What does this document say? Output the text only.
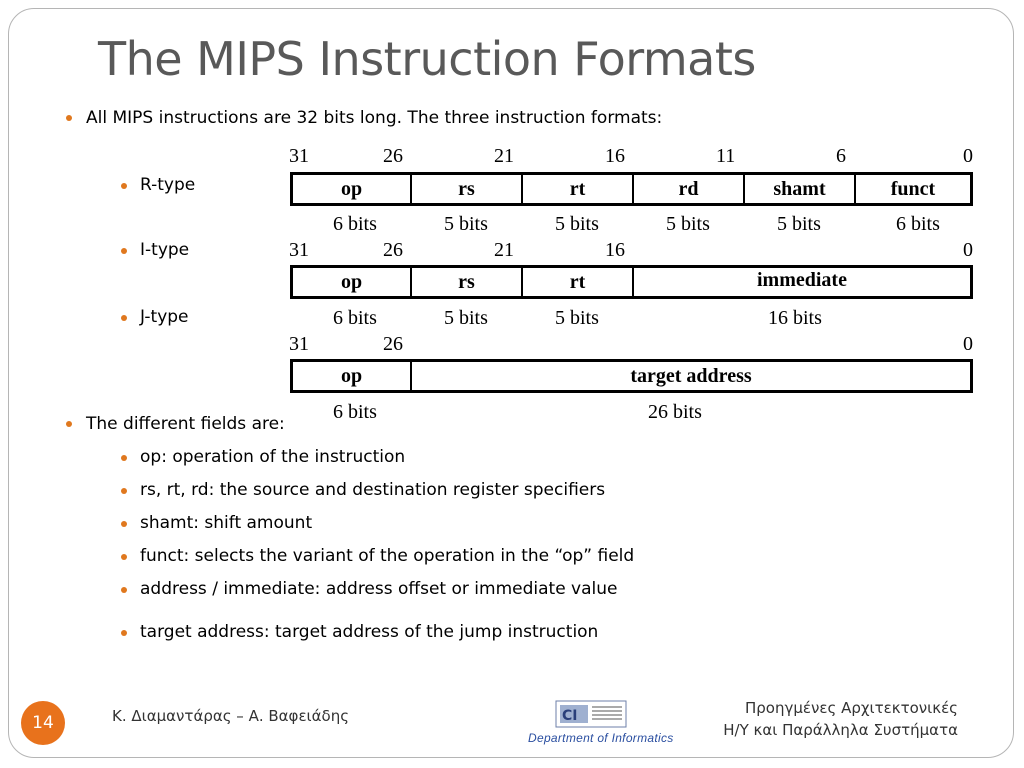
The MIPS Instruction Formats
All MIPS instructions are 32 bits long. The three instruction formats:
R-type
I-type
J-type
31	26	21	16	11	6	0
op	rs	rt	rd	shamt	funct
6 bits	5 bits	5 bits	5 bits	5 bits	6 bits
31	26	21	16	0
op	rs	rt	immediate
6 bits	5 bits	5 bits	16 bits
31	26	0
op	target address
6 bits	26 bits
The different fields are:
op: operation of the instruction
rs, rt, rd: the source and destination register specifiers
shamt: shift amount
funct: selects the variant of the operation in the “op” field
address / immediate: address offset or immediate value
target address: target address of the jump instruction
14	Κ. Διαμαντάρας – Α. Βαφειάδης	CI
Department of Informatics
Προηγμένες Αρχιτεκτονικές
Η/Υ και Παράλληλα Συστήματα
